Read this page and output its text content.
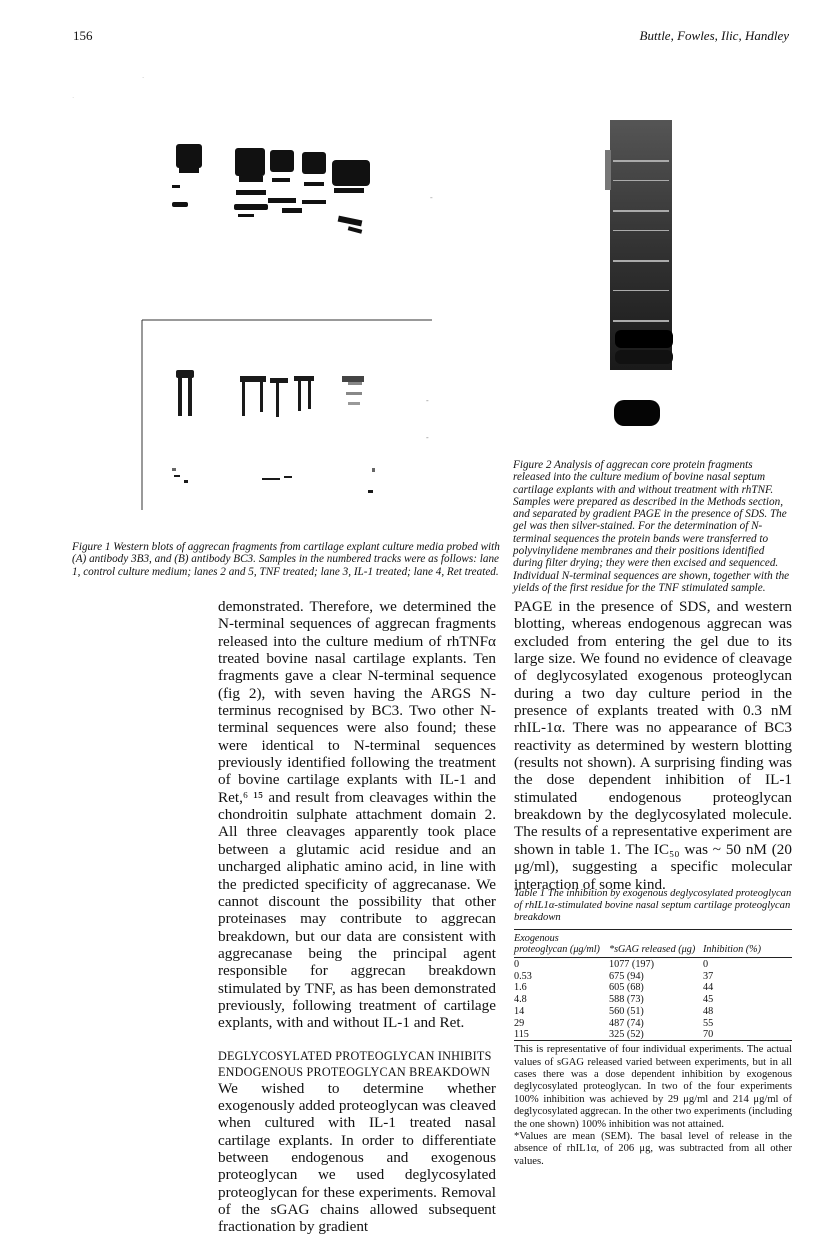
156	Buttle, Fowles, Ilic, Handley
·
·
-
-
-
Figure 1 Western blots of aggrecan fragments from cartilage explant culture media probed with (A) antibody 3B3, and (B) antibody BC3. Samples in the numbered tracks were as follows: lane 1, control culture medium; lanes 2 and 5, TNF treated; lane 3, IL-1 treated; lane 4, Ret treated.
Figure 2 Analysis of aggrecan core protein fragments released into the culture medium of bovine nasal septum cartilage explants with and without treatment with rhTNF. Samples were prepared as described in the Methods section, and separated by gradient PAGE in the presence of SDS. The gel was then silver-stained. For the determination of N-terminal sequences the protein bands were transferred to polyvinylidene membranes and their positions identified during filter drying; they were then excised and sequenced. Individual N-terminal sequences are shown, together with the yields of the first residue for the TNF stimulated sample.

demonstrated. Therefore, we determined the N-terminal sequences of aggrecan fragments released into the culture medium of rhTNFα treated bovine nasal cartilage explants. Ten fragments gave a clear N-terminal sequence (fig 2), with seven having the ARGS N-terminus recognised by BC3. Two other N-terminal sequences were also found; these were identical to N-terminal sequences previously identified following the treatment of bovine cartilage explants with IL-1 and Ret,⁶ ¹⁵ and result from cleavages within the chondroitin sulphate attachment domain 2. All three cleavages apparently took place between a glutamic acid residue and an uncharged aliphatic amino acid, in line with the predicted specificity of aggrecanase. We cannot discount the possibility that other proteinases may contribute to aggrecan breakdown, but our data are consistent with aggrecanase being the principal agent responsible for aggrecan breakdown stimulated by TNF, as has been demonstrated previously, following treatment of cartilage explants, with and without IL-1 and Ret.

DEGLYCOSYLATED PROTEOGLYCAN INHIBITS
ENDOGENOUS PROTEOGLYCAN BREAKDOWN

We wished to determine whether exogenously added proteoglycan was cleaved when cultured with IL-1 treated nasal cartilage explants. In order to differentiate between endogenous and exogenous proteoglycan we used deglycosylated proteoglycan for these experiments. Removal of the sGAG chains allowed subsequent fractionation by gradient

PAGE in the presence of SDS, and western blotting, whereas endogenous aggrecan was excluded from entering the gel due to its large size. We found no evidence of cleavage of deglycosylated exogenous proteoglycan during a two day culture period in the presence of explants treated with 0.3 nM rhIL-1α. There was no appearance of BC3 reactivity as determined by western blotting (results not shown). A surprising finding was the dose dependent inhibition of IL-1 stimulated endogenous proteoglycan breakdown by the deglycosylated molecule. The results of a representative experiment are shown in table 1. The IC₅₀ was ~ 50 nM (20 μg/ml), suggesting a specific molecular interaction of some kind.

Table 1 The inhibition by exogenous deglycosylated proteoglycan of rhIL1α-stimulated bovine nasal septum cartilage proteoglycan breakdown
Exogenous proteoglycan (μg/ml)	*sGAG released (μg)	Inhibition (%)

0	1077 (197)	0
0.53	675 (94)	37
1.6	605 (68)	44
4.8	588 (73)	45
14	560 (51)	48
29	487 (74)	55
115	325 (52)	70

This is representative of four individual experiments. The actual values of sGAG released varied between experiments, but in all cases there was a dose dependent inhibition by exogenous deglycosylated proteoglycan. In two of the four experiments 100% inhibition was achieved by 29 μg/ml and 214 μg/ml of deglycosylated aggrecan. In the other two experiments (including the one shown) 100% inhibition was not attained.
*Values are mean (SEM). The basal level of release in the absence of rhIL1α, of 206 μg, was subtracted from all other values.
